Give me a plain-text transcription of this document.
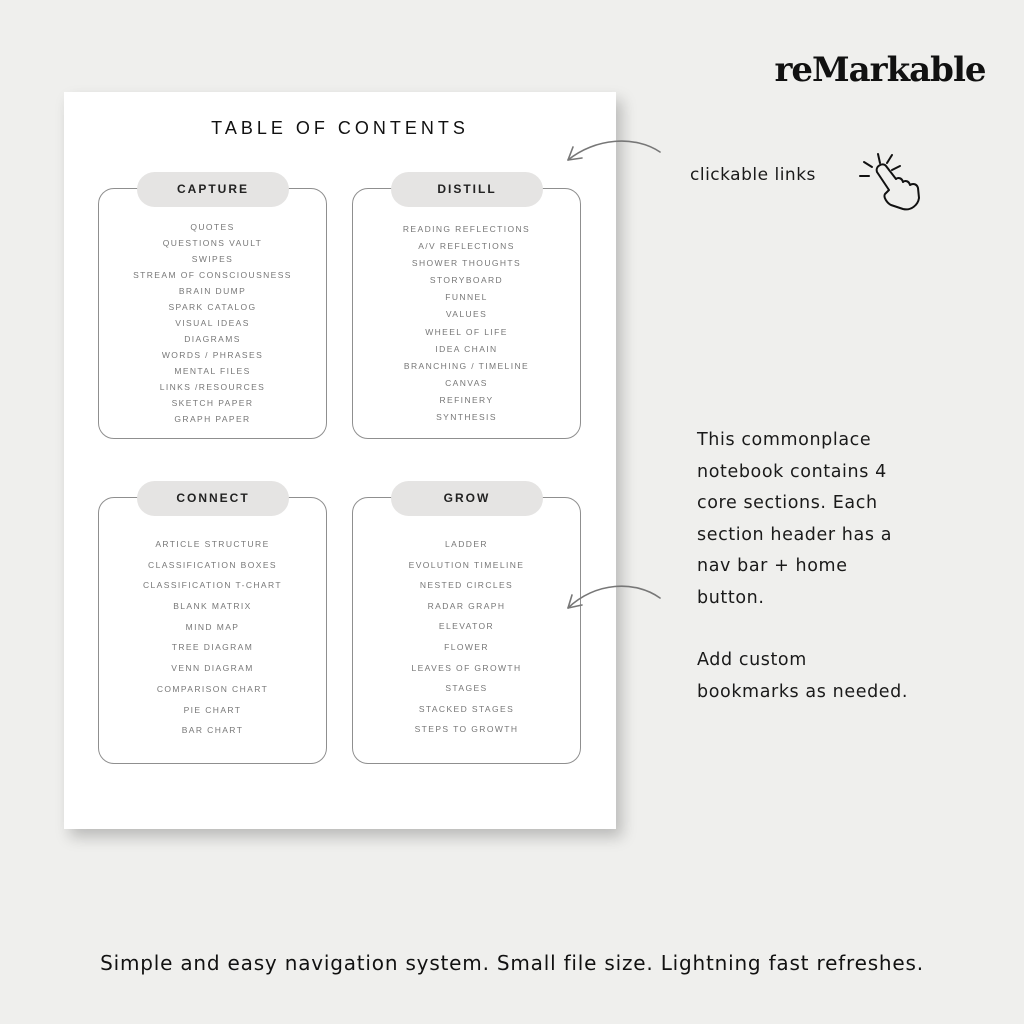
reMarkable
TABLE OF CONTENTS
CAPTURE
QUOTES
QUESTIONS VAULT
SWIPES
STREAM OF CONSCIOUSNESS
BRAIN DUMP
SPARK CATALOG
VISUAL IDEAS
DIAGRAMS
WORDS / PHRASES
MENTAL FILES
LINKS /RESOURCES
SKETCH PAPER
GRAPH PAPER
DISTILL
READING REFLECTIONS
A/V REFLECTIONS
SHOWER THOUGHTS
STORYBOARD
FUNNEL
VALUES
WHEEL OF LIFE
IDEA CHAIN
BRANCHING / TIMELINE
CANVAS
REFINERY
SYNTHESIS
CONNECT
ARTICLE STRUCTURE
CLASSIFICATION BOXES
CLASSIFICATION T-CHART
BLANK MATRIX
MIND MAP
TREE DIAGRAM
VENN DIAGRAM
COMPARISON CHART
PIE CHART
BAR CHART
GROW
LADDER
EVOLUTION TIMELINE
NESTED CIRCLES
RADAR GRAPH
ELEVATOR
FLOWER
LEAVES OF GROWTH
STAGES
STACKED STAGES
STEPS TO GROWTH
clickable links

This commonplace
notebook contains 4
core sections. Each
section header has a
nav bar + home
button.

Add custom
bookmarks as needed.

Simple and easy navigation system. Small file size. Lightning fast refreshes.
